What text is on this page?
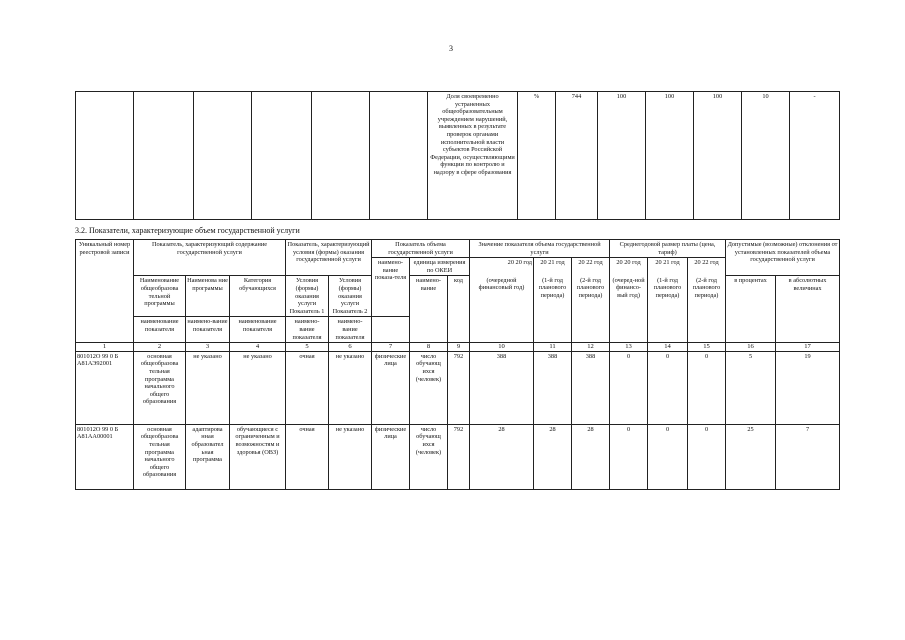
3
						Доля своевременно устраненных общеобразовательным учреждением нарушений, выявленных в результате проверок органами исполнительной власти субъектов Российской Федерации, осуществляющими функции по контролю и надзору в сфере образования	%	744	100	100	100	10	-
3.2. Показатели, характеризующие объем государственной услуги
Уникальный номер реестровой записи	Показатель, характеризующий содержание государственной услуги			Показатель, характеризующий условия (формы) оказания государственной услуги		Показатель объема государственной услуги			Значение показателя объема государственной услуги			Среднегодовой размер платы (цена, тариф)			Допустимые (возможные) отклонения от установленных показателей объема государственной услуги	
						наимено-вание показа-теля	единица измерения по ОКЕИ		20 20 год	20 21 год	20 22 год	20 20 год	20 21 год	20 22 год		
	Наименование общеобразова тельной программы	Наименова ние программы	Категория обучающихся	Условия (формы) оказания услуги Показатель 1	Условия (формы) оказания услуги Показатель 2		наимено-вание	код	(очередной финансовый год)	(1-й год планового периода)	(2-й год планового периода)	(очеред-ной финансо-вый год)	(1-й год планового периода)	(2-й год планового периода)	в процентах	в абсолютных величинах
	наименование показателя	наимено-вание показателя	наименование показателя	наимено-вание показателя	наимено-вание показателя											
1	2	3	4	5	6	7	8	9	10	11	12	13	14	15	16	17
801012О 99 0 Б А81АЭ92001	основная общеобразова тельная программа начального общего образования	не указано	не указано	очная	не указано	физические лица	число обучающ ихся (человек)	792	388	388	388	0	0	0	5	19
801012О 99 0 Б А81АА00001	основная общеобразова тельная программа начального общего образования	адаптирова нная образовател ьная программа	обучающиеся с ограниченным и возможностям и здоровья (ОВЗ)	очная	не указано	физические лица	число обучающ ихся (человек)	792	28	28	28	0	0	0	25	7
